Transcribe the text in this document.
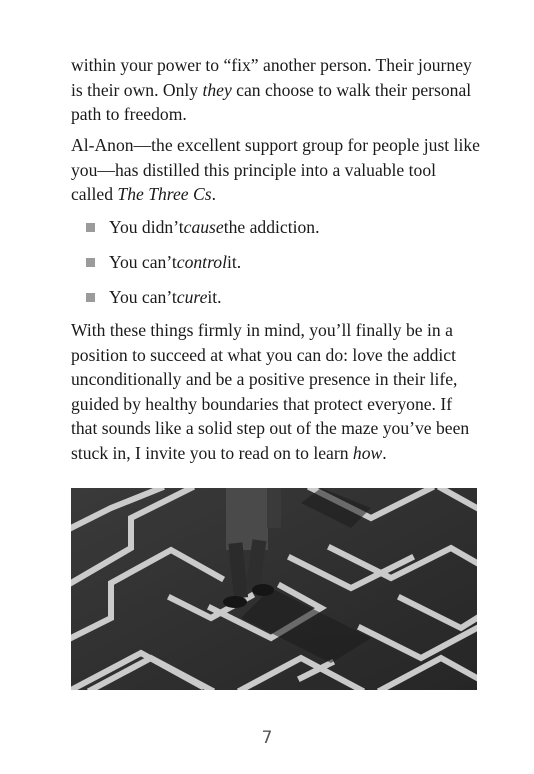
within your power to “fix” another person. Their journey is their own. Only they can choose to walk their personal path to freedom.

Al-Anon—the excellent support group for people just like you—has distilled this principle into a valuable tool called The Three Cs.

You didn’t cause the addiction.
You can’t control it.
You can’t cure it.

With these things firmly in mind, you’ll finally be in a position to succeed at what you can do: love the addict unconditionally and be a positive presence in their life, guided by healthy boundaries that protect everyone. If that sounds like a solid step out of the maze you’ve been stuck in, I invite you to read on to learn how.

7
